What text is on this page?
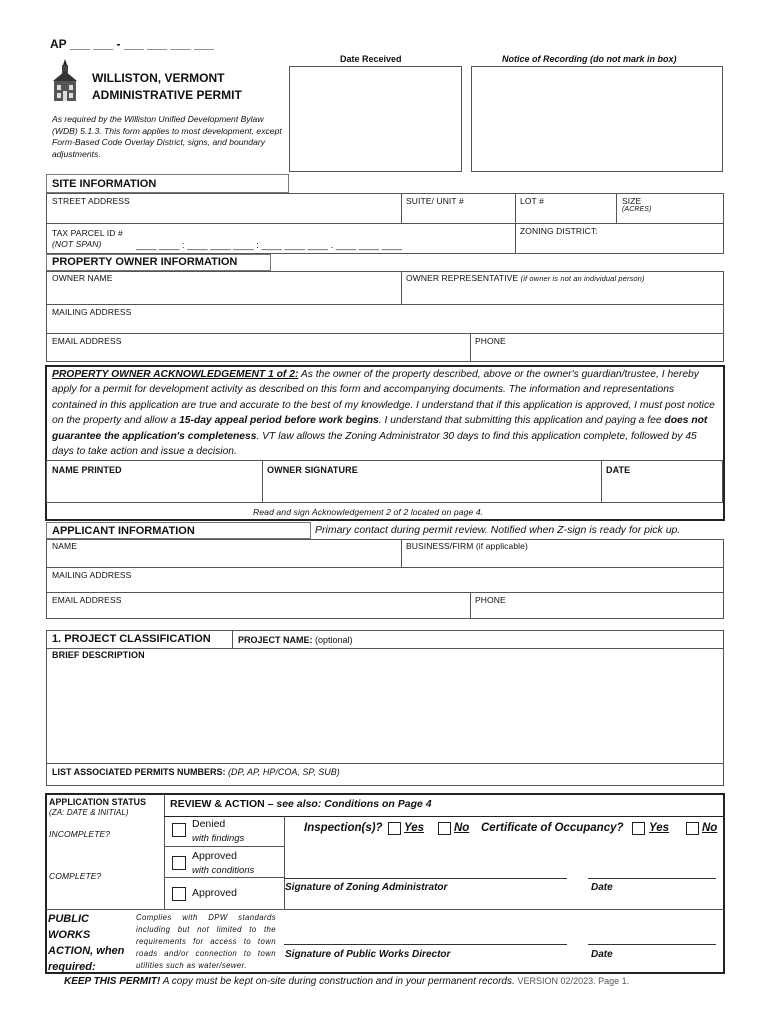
AP ___ ___ - ___ ___ ___ ___
WILLISTON, VERMONT
ADMINISTRATIVE PERMIT
As required by the Williston Unified Development Bylaw (WDB) 5.1.3. This form applies to most development, except Form-Based Code Overlay District, signs, and boundary adjustments.
Date Received	Notice of Recording (do not mark in box)
SITE INFORMATION
STREET ADDRESS	SUITE/ UNIT #	LOT #	SIZE
(ACRES)
TAX PARCEL ID #
(NOT SPAN)	____ ____ : ____ ____ ____ : ____ ____ ____ . ____ ____ ____
ZONING DISTRICT:
PROPERTY OWNER INFORMATION
OWNER NAME	OWNER REPRESENTATIVE (if owner is not an individual person)
MAILING ADDRESS
EMAIL ADDRESS	PHONE
PROPERTY OWNER ACKNOWLEDGEMENT 1 of 2: As the owner of the property described, above or the owner's guardian/trustee, I hereby apply for a permit for development activity as described on this form and accompanying documents. The information and representations contained in this application are true and accurate to the best of my knowledge. I understand that if this application is approved, I must post notice on the property and allow a 15-day appeal period before work begins. I understand that submitting this application and paying a fee does not guarantee the application's completeness. VT law allows the Zoning Administrator 30 days to find this application complete, followed by 45 days to take action and issue a decision.
NAME PRINTED	OWNER SIGNATURE	DATE
Read and sign Acknowledgement 2 of 2 located on page 4.
APPLICANT INFORMATION	Primary contact during permit review. Notified when Z-sign is ready for pick up.
NAME	BUSINESS/FIRM (if applicable)
MAILING ADDRESS
EMAIL ADDRESS	PHONE
1. PROJECT CLASSIFICATION	PROJECT NAME: (optional)
BRIEF DESCRIPTION
LIST ASSOCIATED PERMITS NUMBERS: (DP, AP, HP/COA, SP, SUB)
APPLICATION STATUS
(ZA: DATE & INITIAL)
INCOMPLETE?
COMPLETE?
REVIEW & ACTION – see also: Conditions on Page 4
Denied
with findings
Approved
with conditions
Approved
Inspection(s)? Yes	No Certificate of Occupancy? Yes	No
Signature of Zoning Administrator	Date
PUBLIC WORKS ACTION, when required:
Complies with DPW standards including but not limited to the requirements for access to town roads and/or connection to town utilities such as water/sewer.
Signature of Public Works Director	Date
KEEP THIS PERMIT! A copy must be kept on-site during construction and in your permanent records. VERSION 02/2023. Page 1.
